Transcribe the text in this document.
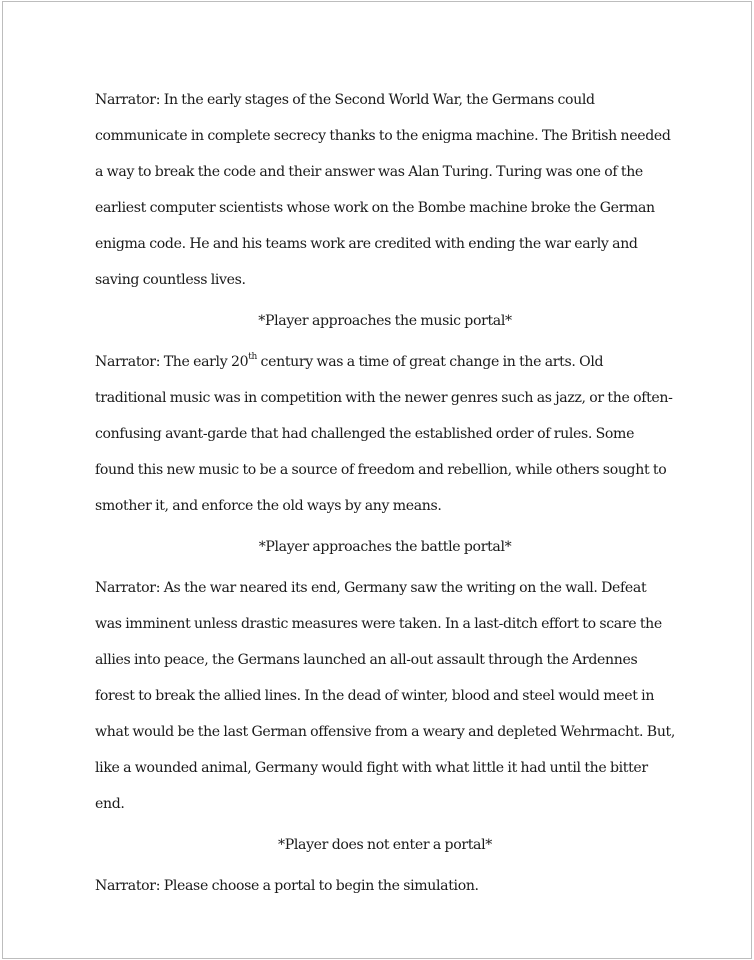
Narrator: In the early stages of the Second World War, the Germans could communicate in complete secrecy thanks to the enigma machine. The British needed a way to break the code and their answer was Alan Turing. Turing was one of the earliest computer scientists whose work on the Bombe machine broke the German enigma code. He and his teams work are credited with ending the war early and saving countless lives.

*Player approaches the music portal*

Narrator: The early 20th century was a time of great change in the arts. Old traditional music was in competition with the newer genres such as jazz, or the often-confusing avant-garde that had challenged the established order of rules. Some found this new music to be a source of freedom and rebellion, while others sought to smother it, and enforce the old ways by any means.

*Player approaches the battle portal*

Narrator: As the war neared its end, Germany saw the writing on the wall. Defeat was imminent unless drastic measures were taken. In a last-ditch effort to scare the allies into peace, the Germans launched an all-out assault through the Ardennes forest to break the allied lines. In the dead of winter, blood and steel would meet in what would be the last German offensive from a weary and depleted Wehrmacht. But, like a wounded animal, Germany would fight with what little it had until the bitter end.

*Player does not enter a portal*

Narrator: Please choose a portal to begin the simulation.
